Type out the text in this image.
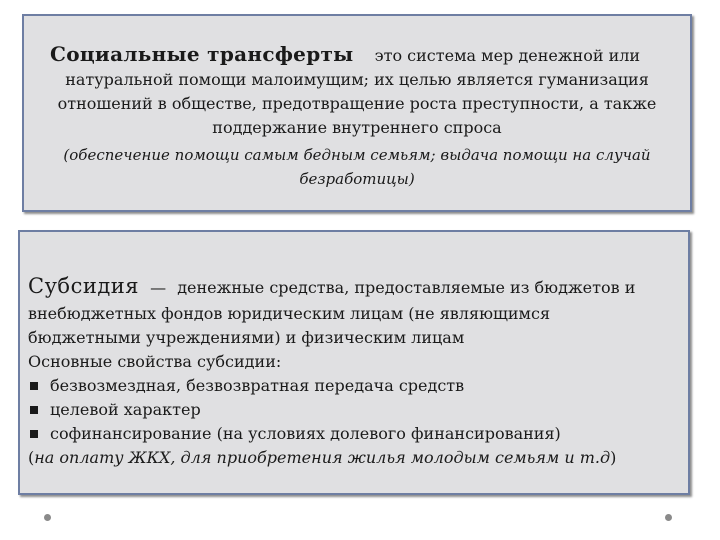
Социальные трансферты это система мер денежной или
натуральной помощи малоимущим; их целью является гуманизация
отношений в обществе, предотвращение роста преступности, а также
поддержание внутреннего спроса
(обеспечение помощи самым бедным семьям; выдача помощи на случай
безработицы)
Субсидия — денежные средства, предоставляемые из бюджетов и
внебюджетных фондов юридическим лицам (не являющимся
бюджетными учреждениями) и физическим лицам
Основные свойства субсидии:
безвозмездная, безвозвратная передача средств
целевой характер
софинансирование (на условиях долевого финансирования)
(на оплату ЖКХ, для приобретения жилья молодым семьям и т.д)
